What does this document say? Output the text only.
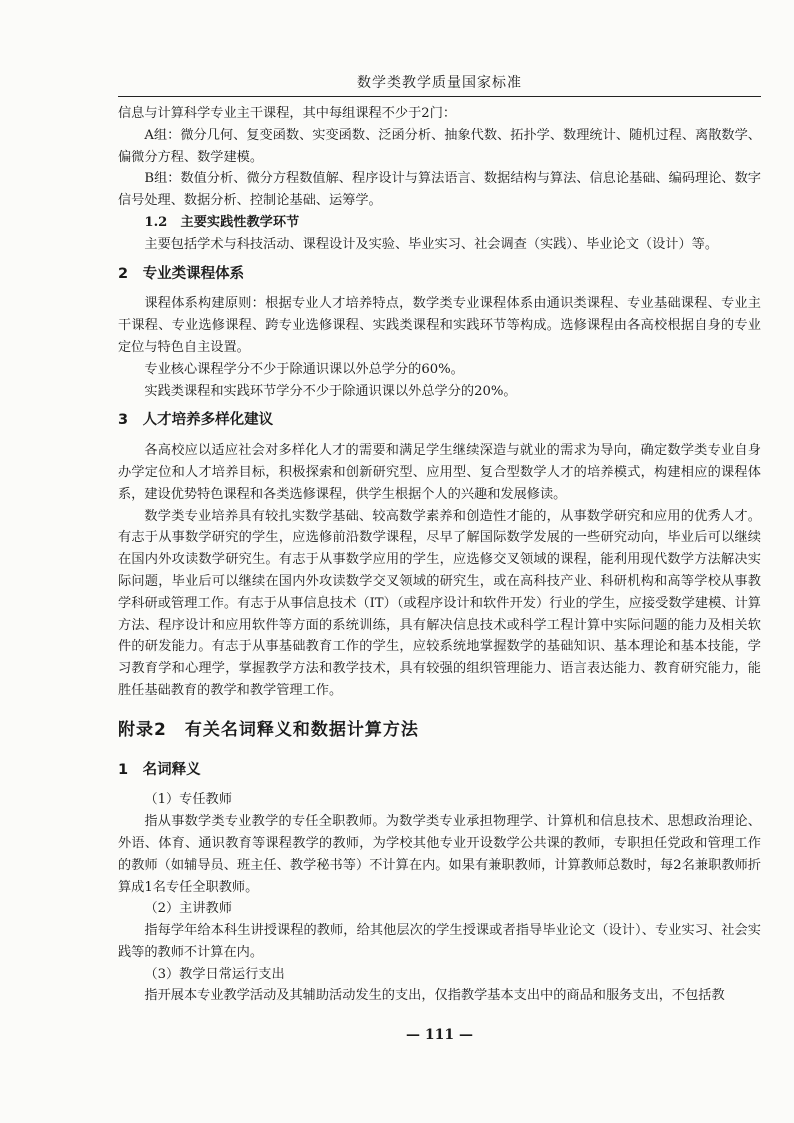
数学类教学质量国家标准

信息与计算科学专业主干课程，其中每组课程不少于2门：

A组：微分几何、复变函数、实变函数、泛函分析、抽象代数、拓扑学、数理统计、随机过程、离散数学、偏微分方程、数学建模。

B组：数值分析、微分方程数值解、程序设计与算法语言、数据结构与算法、信息论基础、编码理论、数字信号处理、数据分析、控制论基础、运筹学。

1.2　主要实践性教学环节

主要包括学术与科技活动、课程设计及实验、毕业实习、社会调查（实践）、毕业论文（设计）等。

2　专业类课程体系

课程体系构建原则：根据专业人才培养特点，数学类专业课程体系由通识类课程、专业基础课程、专业主干课程、专业选修课程、跨专业选修课程、实践类课程和实践环节等构成。选修课程由各高校根据自身的专业定位与特色自主设置。

专业核心课程学分不少于除通识课以外总学分的60%。

实践类课程和实践环节学分不少于除通识课以外总学分的20%。

3　人才培养多样化建议

各高校应以适应社会对多样化人才的需要和满足学生继续深造与就业的需求为导向，确定数学类专业自身办学定位和人才培养目标，积极探索和创新研究型、应用型、复合型数学人才的培养模式，构建相应的课程体系，建设优势特色课程和各类选修课程，供学生根据个人的兴趣和发展修读。

数学类专业培养具有较扎实数学基础、较高数学素养和创造性才能的，从事数学研究和应用的优秀人才。有志于从事数学研究的学生，应选修前沿数学课程，尽早了解国际数学发展的一些研究动向，毕业后可以继续在国内外攻读数学研究生。有志于从事数学应用的学生，应选修交叉领域的课程，能利用现代数学方法解决实际问题，毕业后可以继续在国内外攻读数学交叉领域的研究生，或在高科技产业、科研机构和高等学校从事教学科研或管理工作。有志于从事信息技术（IT）（或程序设计和软件开发）行业的学生，应接受数学建模、计算方法、程序设计和应用软件等方面的系统训练，具有解决信息技术或科学工程计算中实际问题的能力及相关软件的研发能力。有志于从事基础教育工作的学生，应较系统地掌握数学的基础知识、基本理论和基本技能，学习教育学和心理学，掌握教学方法和教学技术，具有较强的组织管理能力、语言表达能力、教育研究能力，能胜任基础教育的教学和教学管理工作。

附录2　有关名词释义和数据计算方法

1　名词释义

（1）专任教师

指从事数学类专业教学的专任全职教师。为数学类专业承担物理学、计算机和信息技术、思想政治理论、外语、体育、通识教育等课程教学的教师，为学校其他专业开设数学公共课的教师，专职担任党政和管理工作的教师（如辅导员、班主任、教学秘书等）不计算在内。如果有兼职教师，计算教师总数时，每2名兼职教师折算成1名专任全职教师。

（2）主讲教师

指每学年给本科生讲授课程的教师，给其他层次的学生授课或者指导毕业论文（设计）、专业实习、社会实践等的教师不计算在内。

（3）教学日常运行支出

指开展本专业教学活动及其辅助活动发生的支出，仅指教学基本支出中的商品和服务支出，不包括教

— 111 —
